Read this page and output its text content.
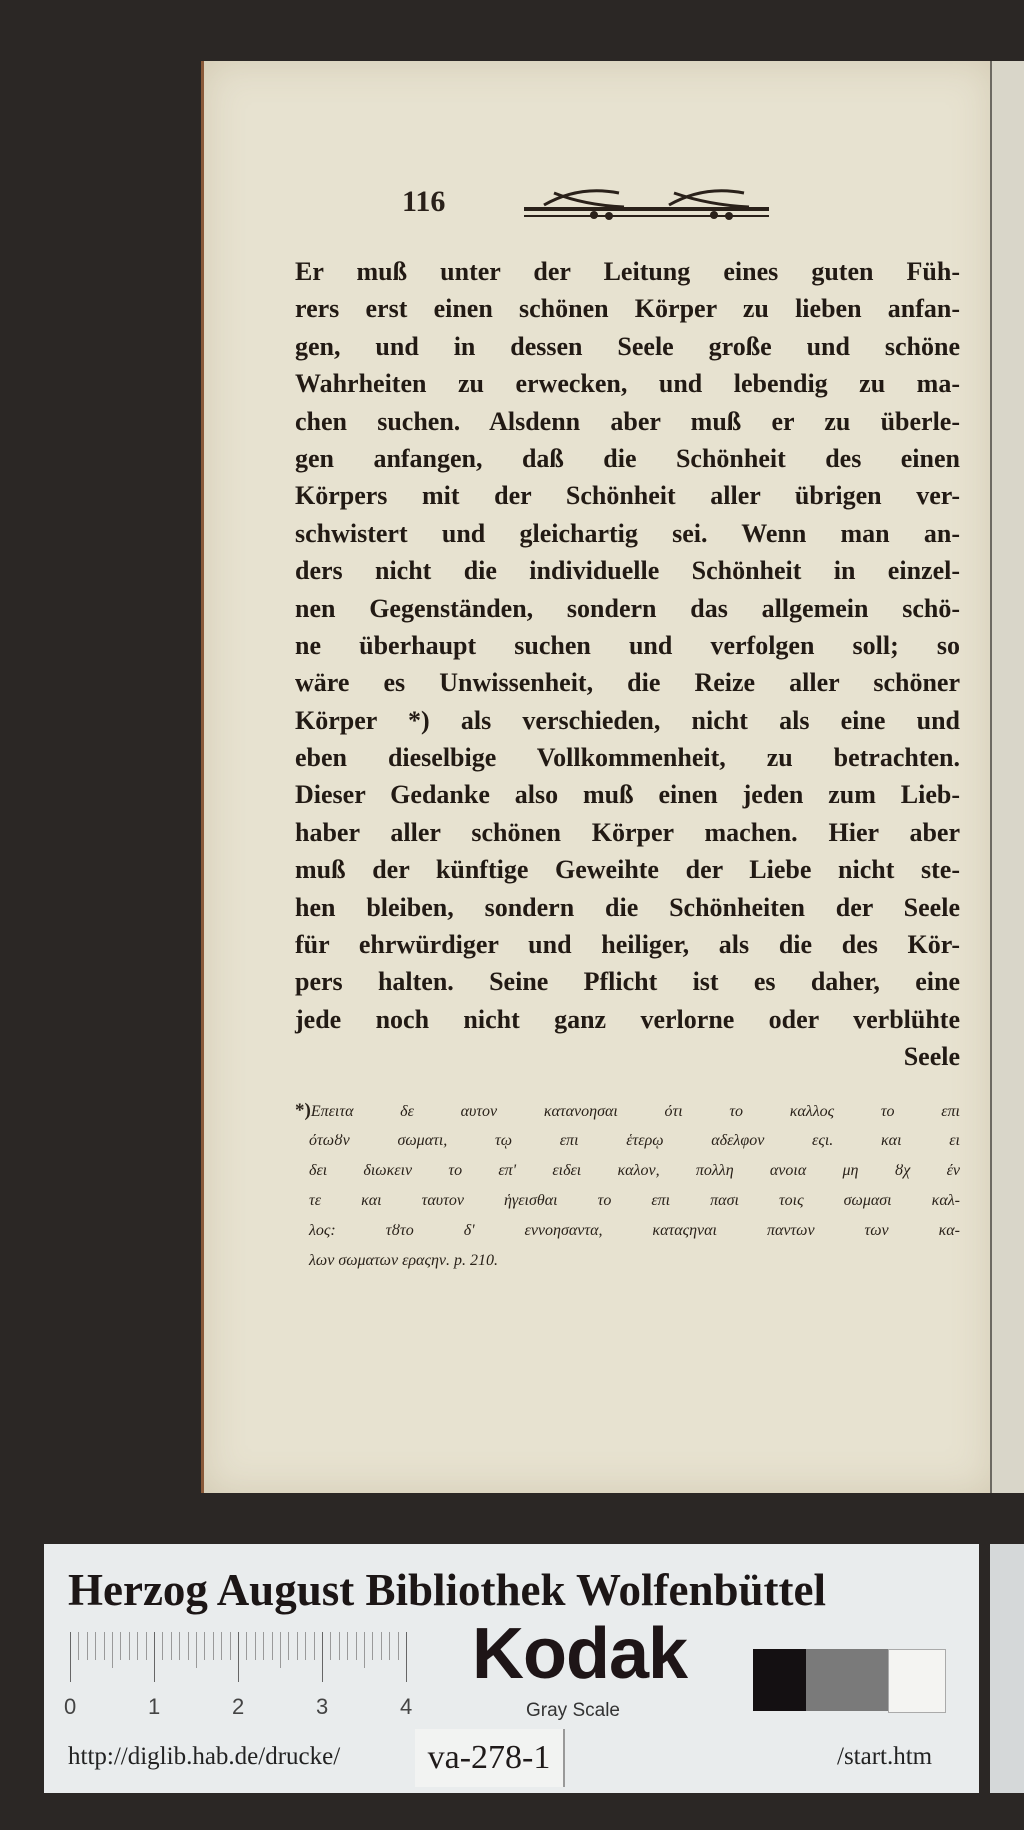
116
Er muß unter der Leitung eines guten Füh-
rers erst einen schönen Körper zu lieben anfan-
gen, und in dessen Seele große und schöne
Wahrheiten zu erwecken, und lebendig zu ma-
chen suchen. Alsdenn aber muß er zu überle-
gen anfangen, daß die Schönheit des einen
Körpers mit der Schönheit aller übrigen ver-
schwistert und gleichartig sei. Wenn man an-
ders nicht die individuelle Schönheit in einzel-
nen Gegenständen, sondern das allgemein schö-
ne überhaupt suchen und verfolgen soll; so
wäre es Unwissenheit, die Reize aller schöner
Körper *) als verschieden, nicht als eine und
eben dieselbige Vollkommenheit, zu betrachten.
Dieser Gedanke also muß einen jeden zum Lieb-
haber aller schönen Körper machen. Hier aber
muß der künftige Geweihte der Liebe nicht ste-
hen bleiben, sondern die Schönheiten der Seele
für ehrwürdiger und heiliger, als die des Kör-
pers halten. Seine Pflicht ist es daher, eine
jede noch nicht ganz verlorne oder verblühte
Seele
*)Επειτα δε αυτον κατανοησαι ότι το καλλος το επι
ότωȣν σωματι, τῳ επι ἑτερῳ αδελφον εςι. και ει
δει διωκειν το επ' ειδει καλον, πολλη ανοια μη ȣχ έν
τε και ταυτον ἡγεισθαι το επι πασι τοις σωμασι καλ-
λος: τȣτο δ' εννοησαντα, καταςηναι παντων των κα-
λων σωματων εραςην. p. 210.
Herzog August Bibliothek Wolfenbüttel
0	1	2	3	4
Kodak
Gray Scale
http://diglib.hab.de/drucke/	va-278-1	/start.htm
